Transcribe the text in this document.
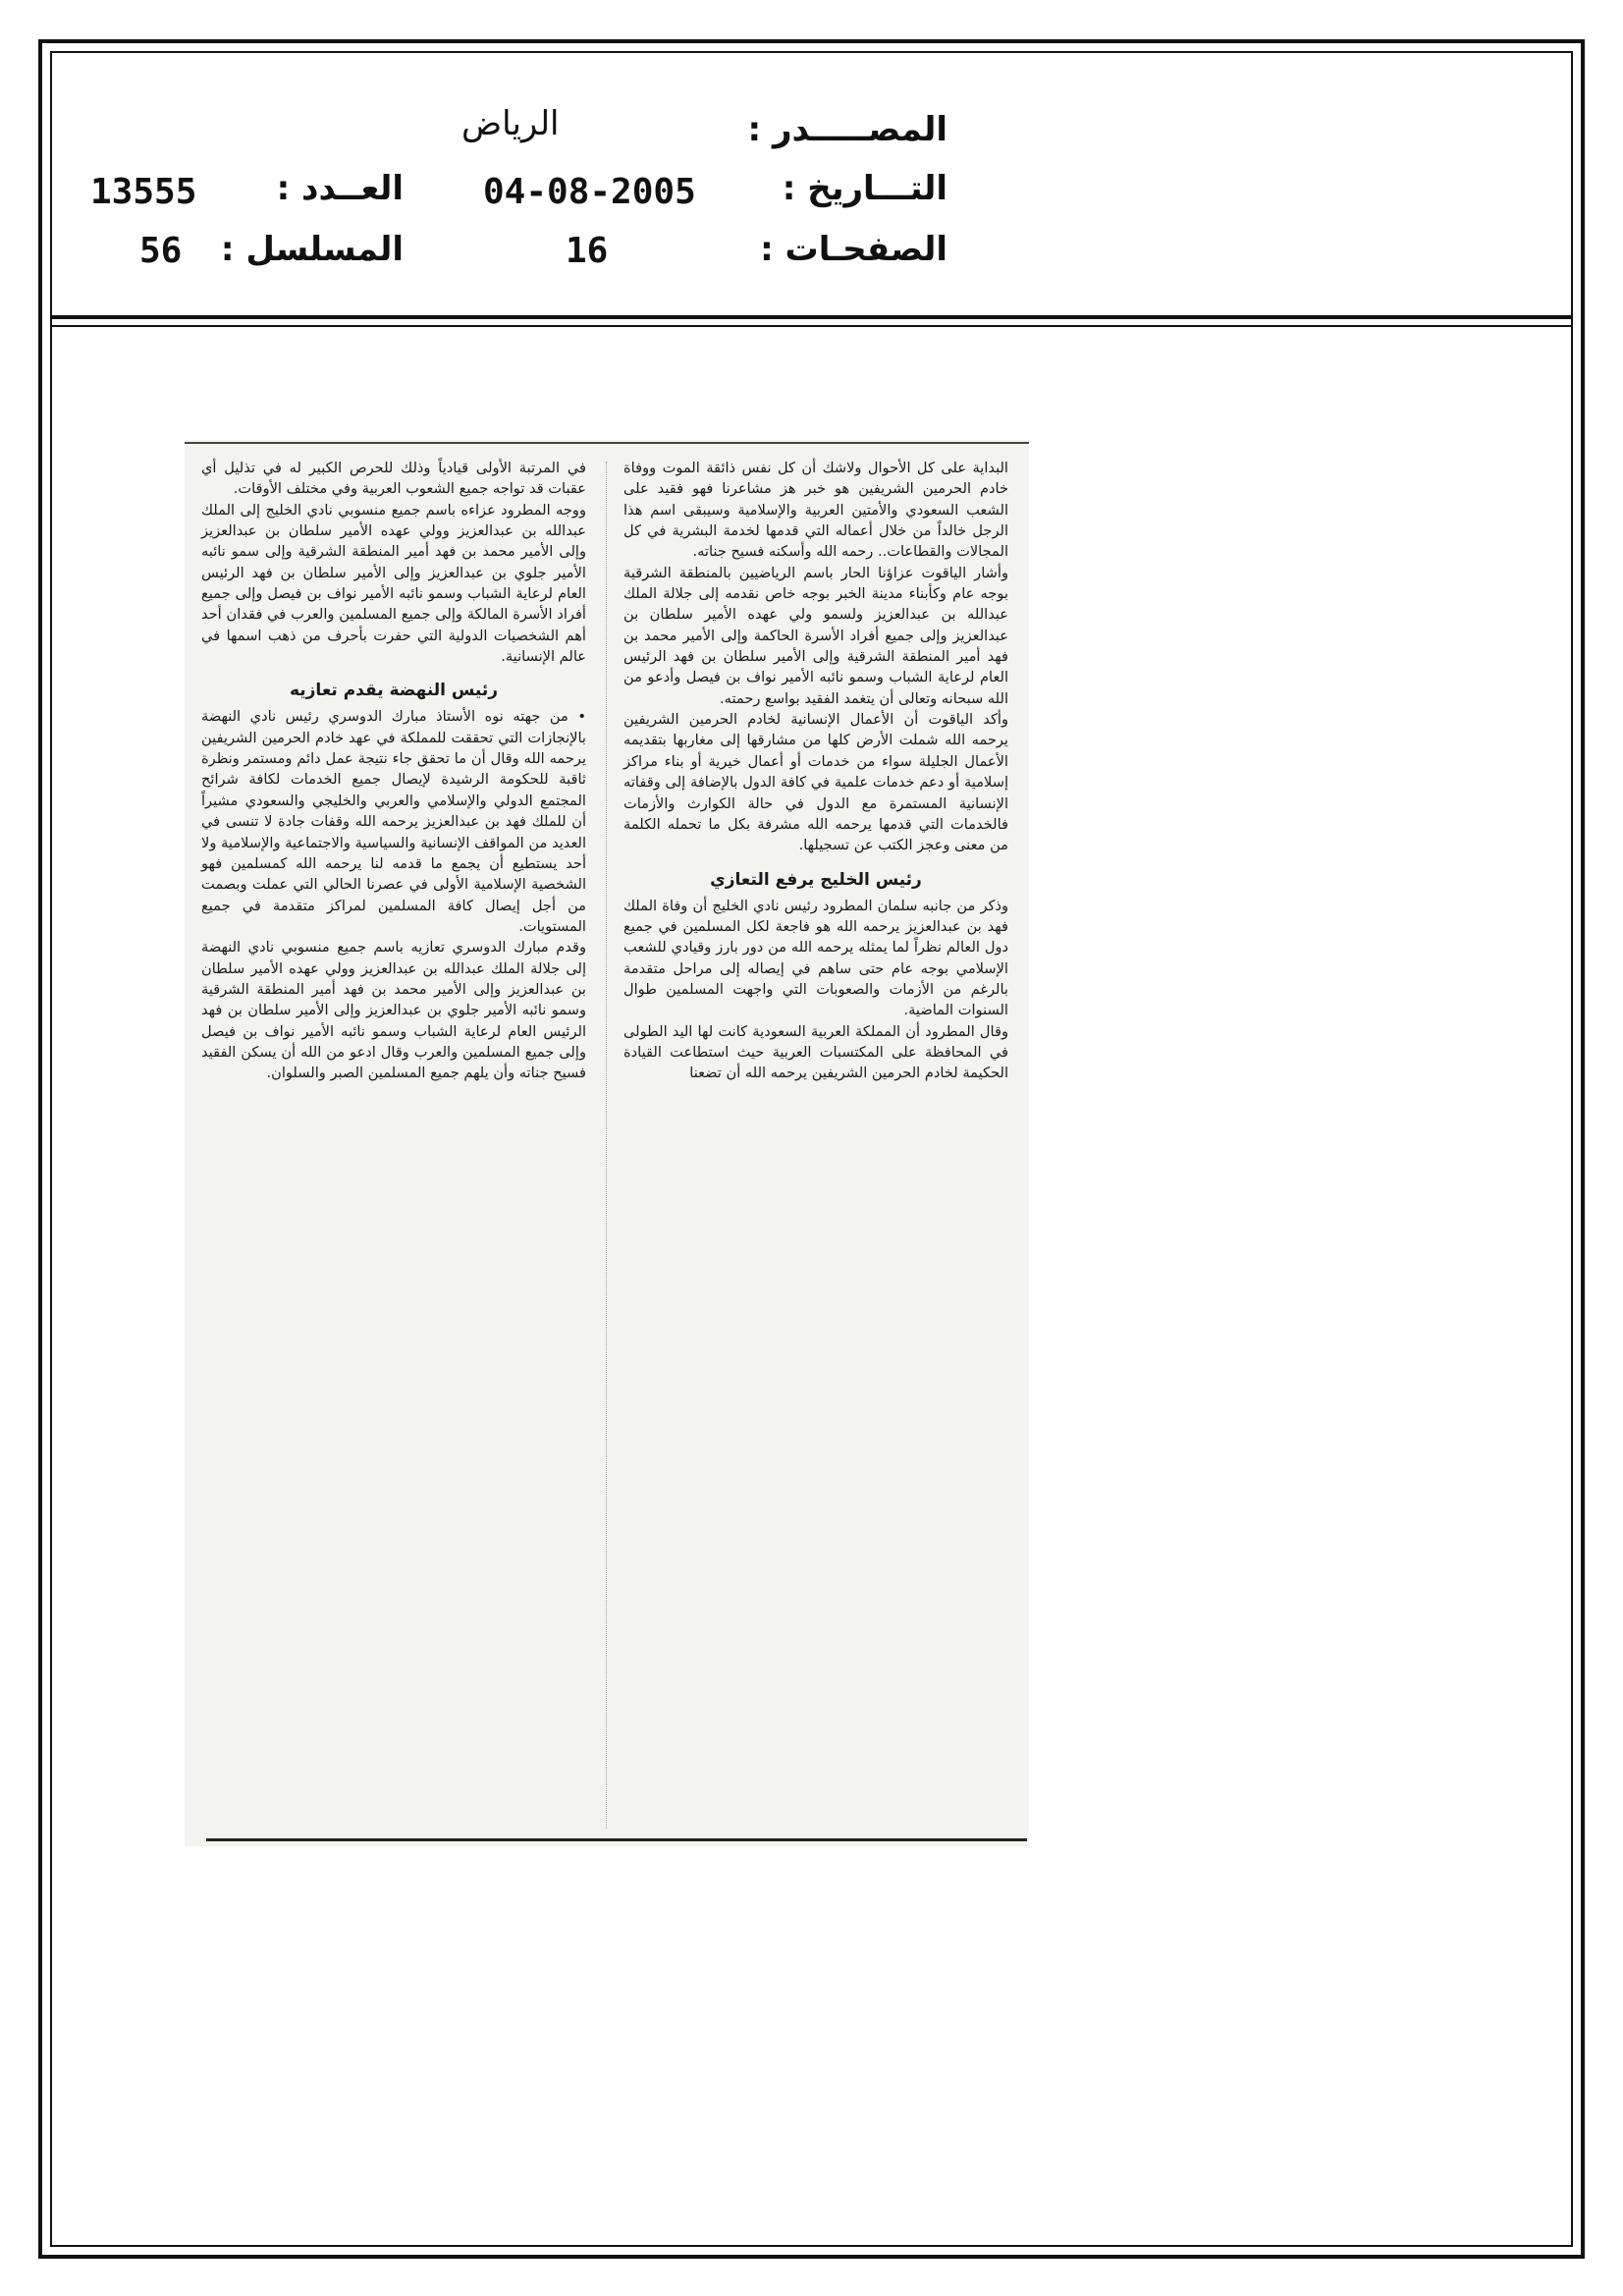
المصـــــدر :
الرياض
التـــاريخ :
04-08-2005
العــدد :
13555
الصفحـات :
16
المسلسل :
56

البداية على كل الأحوال ولاشك أن كل نفس ذائقة الموت ووفاة خادم الحرمين الشريفين هو خبر هز مشاعرنا فهو فقيد على الشعب السعودي والأمتين العربية والإسلامية وسيبقى اسم هذا الرجل خالداً من خلال أعماله التي قدمها لخدمة البشرية في كل المجالات والقطاعات.. رحمه الله وأسكنه فسيح جناته.

وأشار الياقوت عزاؤنا الحار باسم الرياضيين بالمنطقة الشرقية بوجه عام وكأبناء مدينة الخبر بوجه خاص نقدمه إلى جلالة الملك عبدالله بن عبدالعزيز ولسمو ولي عهده الأمير سلطان بن عبدالعزيز وإلى جميع أفراد الأسرة الحاكمة وإلى الأمير محمد بن فهد أمير المنطقة الشرقية وإلى الأمير سلطان بن فهد الرئيس العام لرعاية الشباب وسمو نائبه الأمير نواف بن فيصل وأدعو من الله سبحانه وتعالى أن يتغمد الفقيد بواسع رحمته.

وأكد الياقوت أن الأعمال الإنسانية لخادم الحرمين الشريفين يرحمه الله شملت الأرض كلها من مشارقها إلى مغاربها بتقديمه الأعمال الجليلة سواء من خدمات أو أعمال خيرية أو بناء مراكز إسلامية أو دعم خدمات علمية في كافة الدول بالإضافة إلى وقفاته الإنسانية المستمرة مع الدول في حالة الكوارث والأزمات فالخدمات التي قدمها يرحمه الله مشرفة بكل ما تحمله الكلمة من معنى وعجز الكتب عن تسجيلها.

رئيس الخليج يرفع التعازي

وذكر من جانبه سلمان المطرود رئيس نادي الخليج أن وفاة الملك فهد بن عبدالعزيز يرحمه الله هو فاجعة لكل المسلمين في جميع دول العالم نظراً لما يمثله يرحمه الله من دور بارز وقيادي للشعب الإسلامي بوجه عام حتى ساهم في إيصاله إلى مراحل متقدمة بالرغم من الأزمات والصعوبات التي واجهت المسلمين طوال السنوات الماضية.

وقال المطرود أن المملكة العربية السعودية كانت لها اليد الطولى في المحافظة على المكتسبات العربية حيث استطاعت القيادة الحكيمة لخادم الحرمين الشريفين يرحمه الله أن تضعنا

في المرتبة الأولى قيادياً وذلك للحرص الكبير له في تذليل أي عقبات قد تواجه جميع الشعوب العربية وفي مختلف الأوقات.

ووجه المطرود عزاءه باسم جميع منسوبي نادي الخليج إلى الملك عبدالله بن عبدالعزيز وولي عهده الأمير سلطان بن عبدالعزيز وإلى الأمير محمد بن فهد أمير المنطقة الشرقية وإلى سمو نائبه الأمير جلوي بن عبدالعزيز وإلى الأمير سلطان بن فهد الرئيس العام لرعاية الشباب وسمو نائبه الأمير نواف بن فيصل وإلى جميع أفراد الأسرة المالكة وإلى جميع المسلمين والعرب في فقدان أحد أهم الشخصيات الدولية التي حفرت بأحرف من ذهب اسمها في عالم الإنسانية.

رئيس النهضة يقدم تعازيه

• من جهته نوه الأستاذ مبارك الدوسري رئيس نادي النهضة بالإنجازات التي تحققت للمملكة في عهد خادم الحرمين الشريفين يرحمه الله وقال أن ما تحقق جاء نتيجة عمل دائم ومستمر ونظرة ثاقبة للحكومة الرشيدة لإيصال جميع الخدمات لكافة شرائح المجتمع الدولي والإسلامي والعربي والخليجي والسعودي مشيراً أن للملك فهد بن عبدالعزيز يرحمه الله وقفات جادة لا تنسى في العديد من المواقف الإنسانية والسياسية والاجتماعية والإسلامية ولا أحد يستطيع أن يجمع ما قدمه لنا يرحمه الله كمسلمين فهو الشخصية الإسلامية الأولى في عصرنا الحالي التي عملت وبصمت من أجل إيصال كافة المسلمين لمراكز متقدمة في جميع المستويات.

وقدم مبارك الدوسري تعازيه باسم جميع منسوبي نادي النهضة إلى جلالة الملك عبدالله بن عبدالعزيز وولي عهده الأمير سلطان بن عبدالعزيز وإلى الأمير محمد بن فهد أمير المنطقة الشرقية وسمو نائبه الأمير جلوي بن عبدالعزيز وإلى الأمير سلطان بن فهد الرئيس العام لرعاية الشباب وسمو نائبه الأمير نواف بن فيصل وإلى جميع المسلمين والعرب وقال ادعو من الله أن يسكن الفقيد فسيح جناته وأن يلهم جميع المسلمين الصبر والسلوان.
